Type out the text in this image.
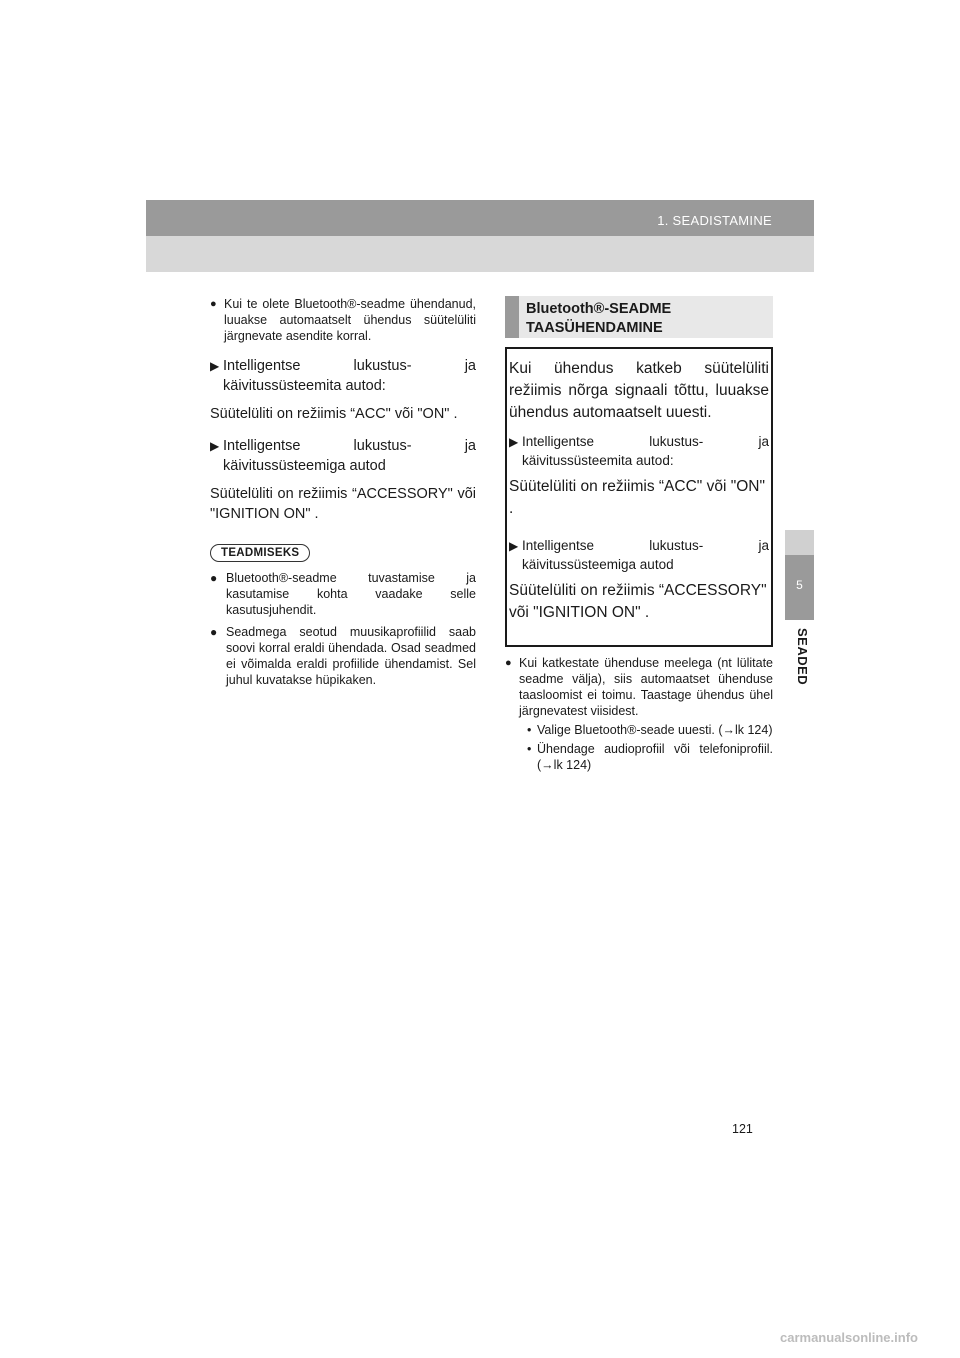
1. SEADISTAMINE
5
SEADED
● Kui te olete Bluetooth®-seadme ühendanud, luuakse automaatselt ühendus süütelüliti järgnevate asendite korral.

▶ Intelligentse lukustus- ja käivitussüsteemita autod:

Süütelüliti on režiimis “ACC" või "ON" .

▶ Intelligentse lukustus- ja käivitussüsteemiga autod

Süütelüliti on režiimis “ACCESSORY" või "IGNITION ON" .

TEADMISEKS
● Bluetooth®-seadme tuvastamise ja kasutamise kohta vaadake selle kasutusjuhendit.

● Seadmega seotud muusikaprofiilid saab soovi korral eraldi ühendada. Osad seadmed ei võimalda eraldi profiilide ühendamist. Sel juhul kuvatakse hüpikaken.

Bluetooth®-SEADME
TAASÜHENDAMINE

Kui ühendus katkeb süütelüliti režiimis nõrga signaali tõttu, luuakse ühendus automaatselt uuesti.

▶ Intelligentse lukustus- ja käivitussüsteemita autod:

Süütelüliti on režiimis “ACC" või "ON" .

▶ Intelligentse lukustus- ja käivitussüsteemiga autod

Süütelüliti on režiimis “ACCESSORY" või "IGNITION ON" .

● Kui katkestate ühenduse meelega (nt lülitate seadme välja), siis automaatset ühenduse taasloomist ei toimu. Taastage ühendus ühel järgnevatest viisidest.

• Valige Bluetooth®-seade uuesti. (→lk 124)

• Ühendage audioprofiil või telefoniprofiil. (→lk 124)

121
carmanualsonline.info
